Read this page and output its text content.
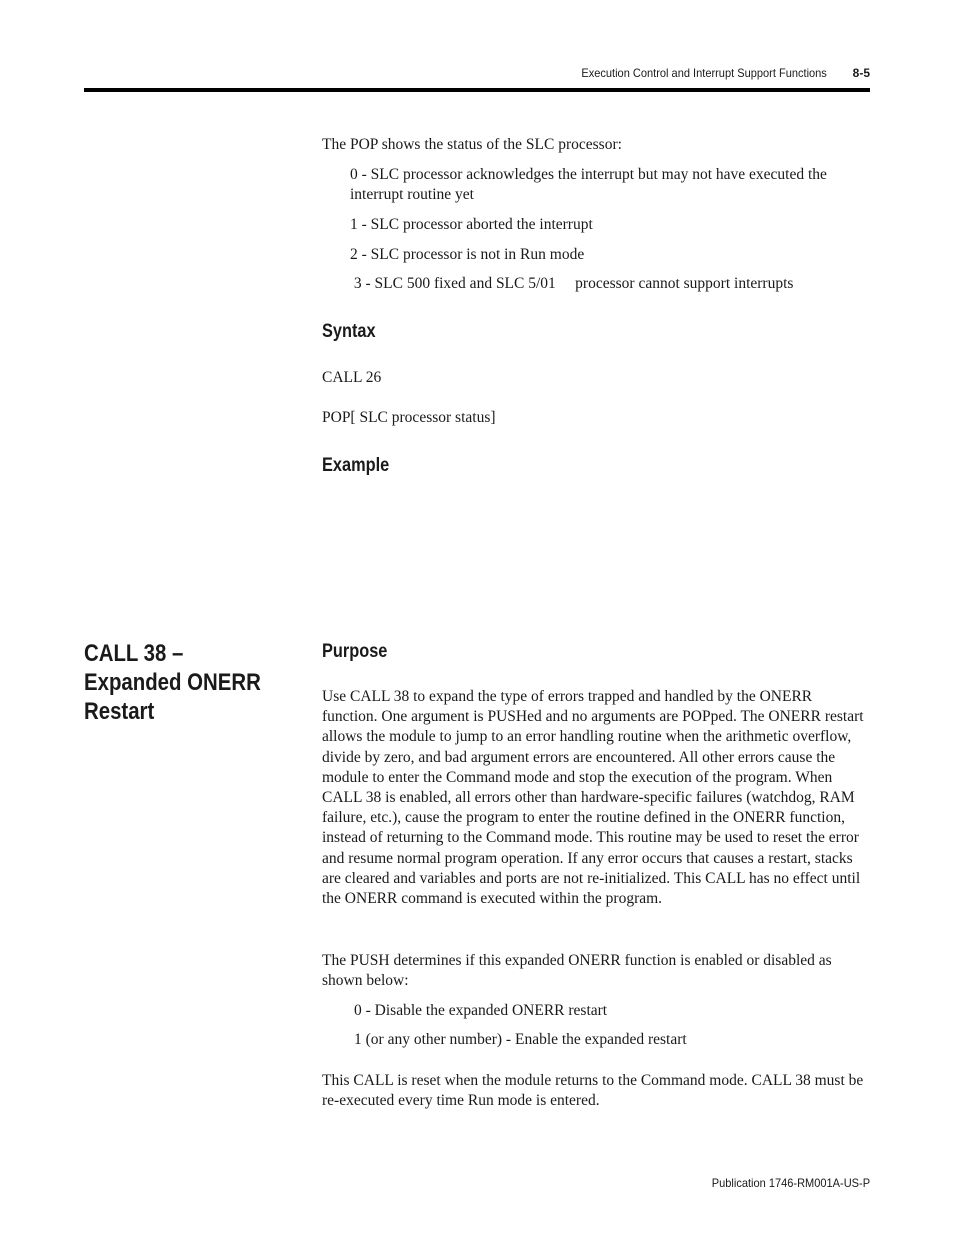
Execution Control and Interrupt Support Functions 8-5

The POP shows the status of the SLC processor:

0 - SLC processor acknowledges the interrupt but may not have executed the interrupt routine yet

1 - SLC processor aborted the interrupt

2 - SLC processor is not in Run mode

3 - SLC 500 fixed and SLC 5/01     processor cannot support interrupts

Syntax

CALL 26

POP[ SLC processor status]

Example
CALL 38 – Expanded ONERR Restart
Purpose

Use CALL 38 to expand the type of errors trapped and handled by the ONERR function. One argument is PUSHed and no arguments are POPped. The ONERR restart allows the module to jump to an error handling routine when the arithmetic overflow, divide by zero, and bad argument errors are encountered. All other errors cause the module to enter the Command mode and stop the execution of the program. When CALL 38 is enabled, all errors other than hardware-specific failures (watchdog, RAM failure, etc.), cause the program to enter the routine defined in the ONERR function, instead of returning to the Command mode. This routine may be used to reset the error and resume normal program operation. If any error occurs that causes a restart, stacks are cleared and variables and ports are not re-initialized. This CALL has no effect until the ONERR command is executed within the program.

The PUSH determines if this expanded ONERR function is enabled or disabled as shown below:

0 - Disable the expanded ONERR restart

1 (or any other number) - Enable the expanded restart

This CALL is reset when the module returns to the Command mode. CALL 38 must be re-executed every time Run mode is entered.

Publication 1746-RM001A-US-P
